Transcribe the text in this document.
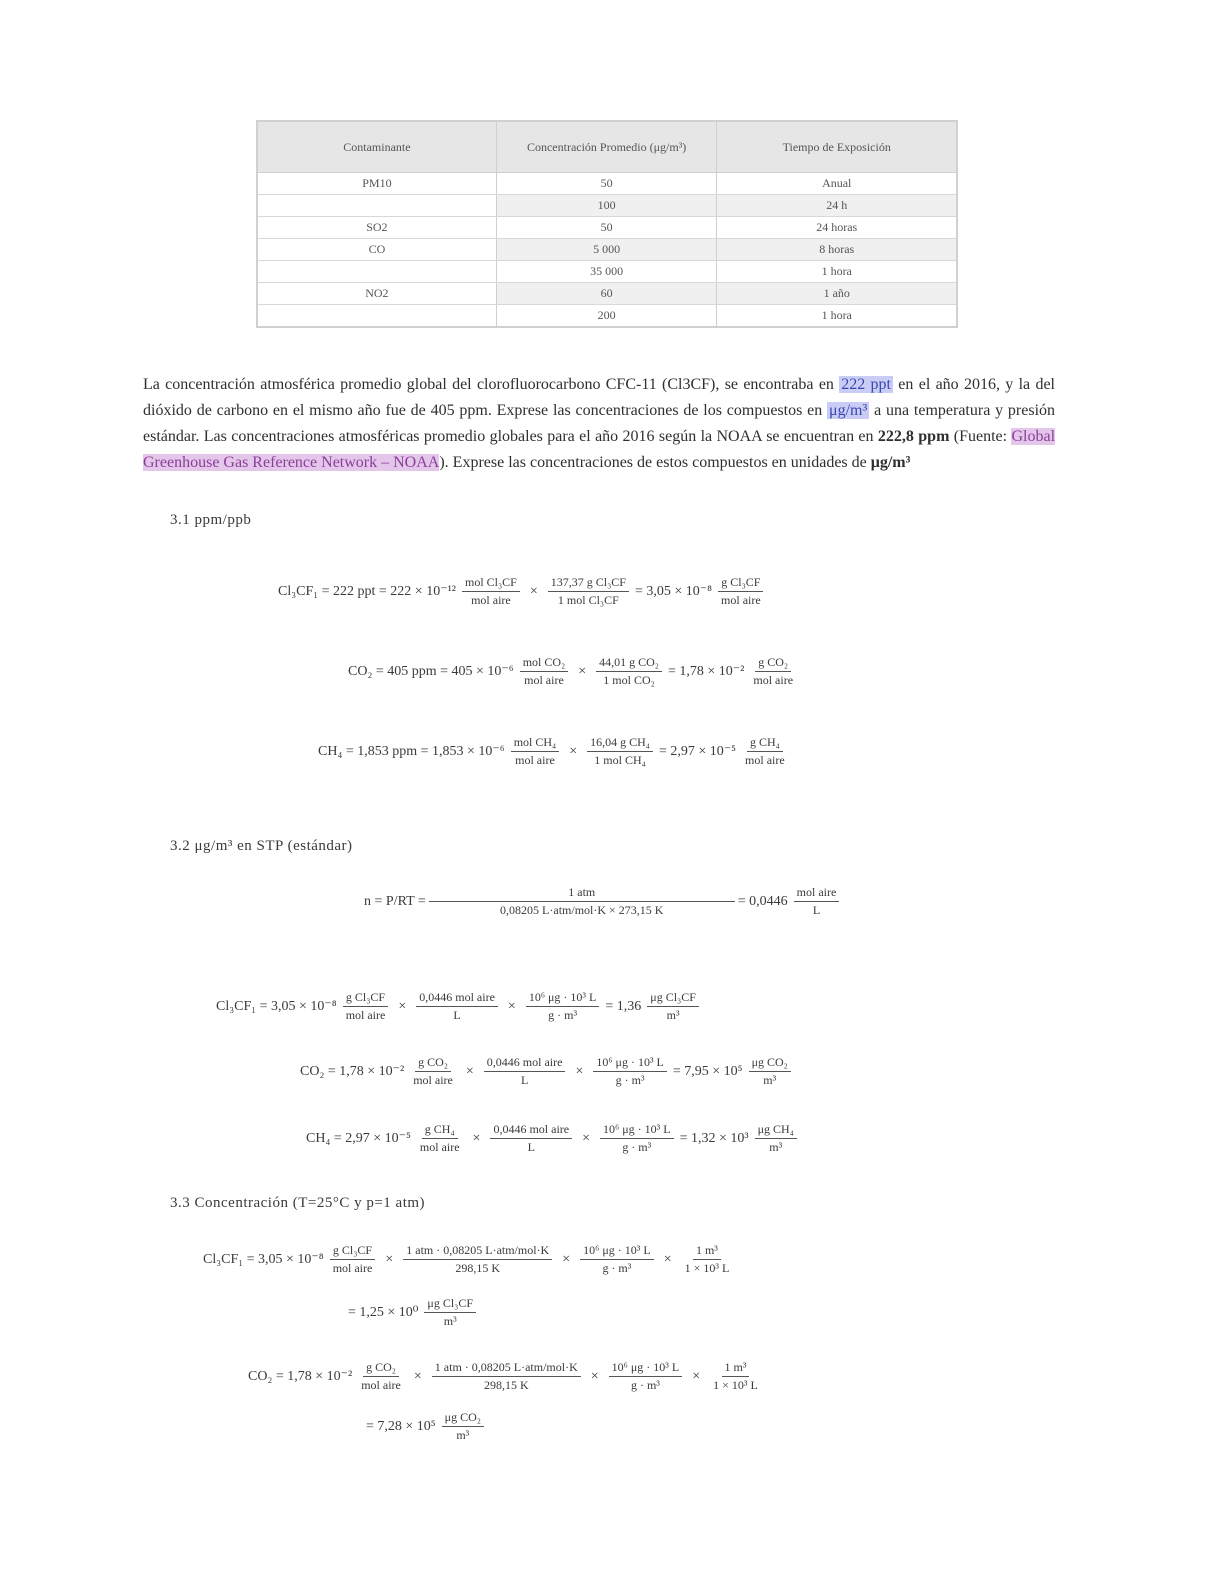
Contaminante	Concentración Promedio (μg/m³)	Tiempo de Exposición
PM10	50	Anual
	100	24 h
SO2	50	24 horas
CO	5 000	8 horas
	35 000	1 hora
NO2	60	1 año
	200	1 hora

La concentración atmosférica promedio global del clorofluorocarbono CFC-11 (Cl3CF), se encontraba en 222 ppt en el año 2016, y la del dióxido de carbono en el mismo año fue de 405 ppm. Exprese las concentraciones de los compuestos en μg/m³ a una temperatura y presión estándar. Las concentraciones atmosféricas promedio globales para el año 2016 según la NOAA se encuentran en 222,8 ppm (Fuente: Global Greenhouse Gas Reference Network – NOAA). Exprese las concentraciones de estos compuestos en unidades de μg/m³

3.1 ppm/ppb
Cl₃CF₁ = 222 ppt = $222 \times 10^{-12} \frac{\text{mol Cl₃CF}}{\text{mol aire}} \times \frac{\text{137,37 g Cl₃CF}}{\text{1 mol Cl₃CF}} = 3,05 \times 10^{-8} \frac{\text{g Cl₃CF}}{\text{mol aire}}$
CO₂ = 405 ppm = $405 \times 10^{-6} \frac{\text{mol CO₂}}{\text{mol aire}} \times \frac{\text{44,01 g CO₂}}{\text{1 mol CO₂}} = 1,78 \times 10^{-2} \frac{\text{g CO₂}}{\text{mol aire}}$
CH₄ = 1,853 ppm = $1,853 \times 10^{-6} \frac{\text{mol CH₄}}{\text{mol aire}} \times \frac{\text{16,04 g CH₄}}{\text{1 mol CH₄}} = 2,97 \times 10^{-5} \frac{\text{g CH₄}}{\text{mol aire}}$
3.2 μg/m³ en STP (estándar)
$n = P/RT = \frac{\text{1 atm}}{\text{0,08205 L·atm/mol·K × 273,15 K}} = 0,0446 \frac{\text{mol aire}}{L}$
$Cl_3CF_1 = 3,05 \times 10^{-8} \frac{\text{g Cl₃CF}}{\text{mol aire}} \times \frac{\text{0,0446 mol aire}}{L} \times \frac{\text{10⁶ μg · 10³ L}}{\text{g · m³}} = 1,36 \frac{\text{μg Cl₃CF}}{\text{m³}}$
$CO_2 = 1,78 \times 10^{-2} \frac{\text{g CO₂}}{\text{mol aire}} \times \frac{\text{0,0446 mol aire}}{L} \times \frac{\text{10⁶ μg · 10³ L}}{\text{g · m³}} = 7,95 \times 10^5 \frac{\text{μg CO₂}}{\text{m³}}$
$CH_4 = 2,97 \times 10^{-5} \frac{\text{g CH₄}}{\text{mol aire}} \times \frac{\text{0,0446 mol aire}}{L} \times \frac{\text{10⁶ μg · 10³ L}}{\text{g · m³}} = 1,32 \times 10^3 \frac{\text{μg CH₄}}{\text{m³}}$
3.3 Concentración (T=25°C y p=1 atm)
$Cl_3CF_1 = 3,05 \times 10^{-8} \frac{\text{g Cl₃CF}}{\text{mol aire}} \times \frac{\text{1 atm · 0,08205 L·atm/mol·K}}{298,15 K} \times \frac{\text{10⁶ μg · 10³ L}}{\text{g · m³}} \times \frac{\text{1 m³}}{\text{1 × 10³ L}}$
= $1,25 \times 10^0 \frac{\text{μg Cl₃CF}}{\text{m³}}$
$CO_2 = 1,78 \times 10^{-2} \frac{\text{g CO₂}}{\text{mol aire}} \times \frac{\text{1 atm · 0,08205 L·atm/mol·K}}{298,15 K} \times \frac{\text{10⁶ μg · 10³ L}}{\text{g · m³}} \times \frac{\text{1 m³}}{\text{1 × 10³ L}}$
= $7,28 \times 10^5 \frac{\text{μg CO₂}}{\text{m³}}$
